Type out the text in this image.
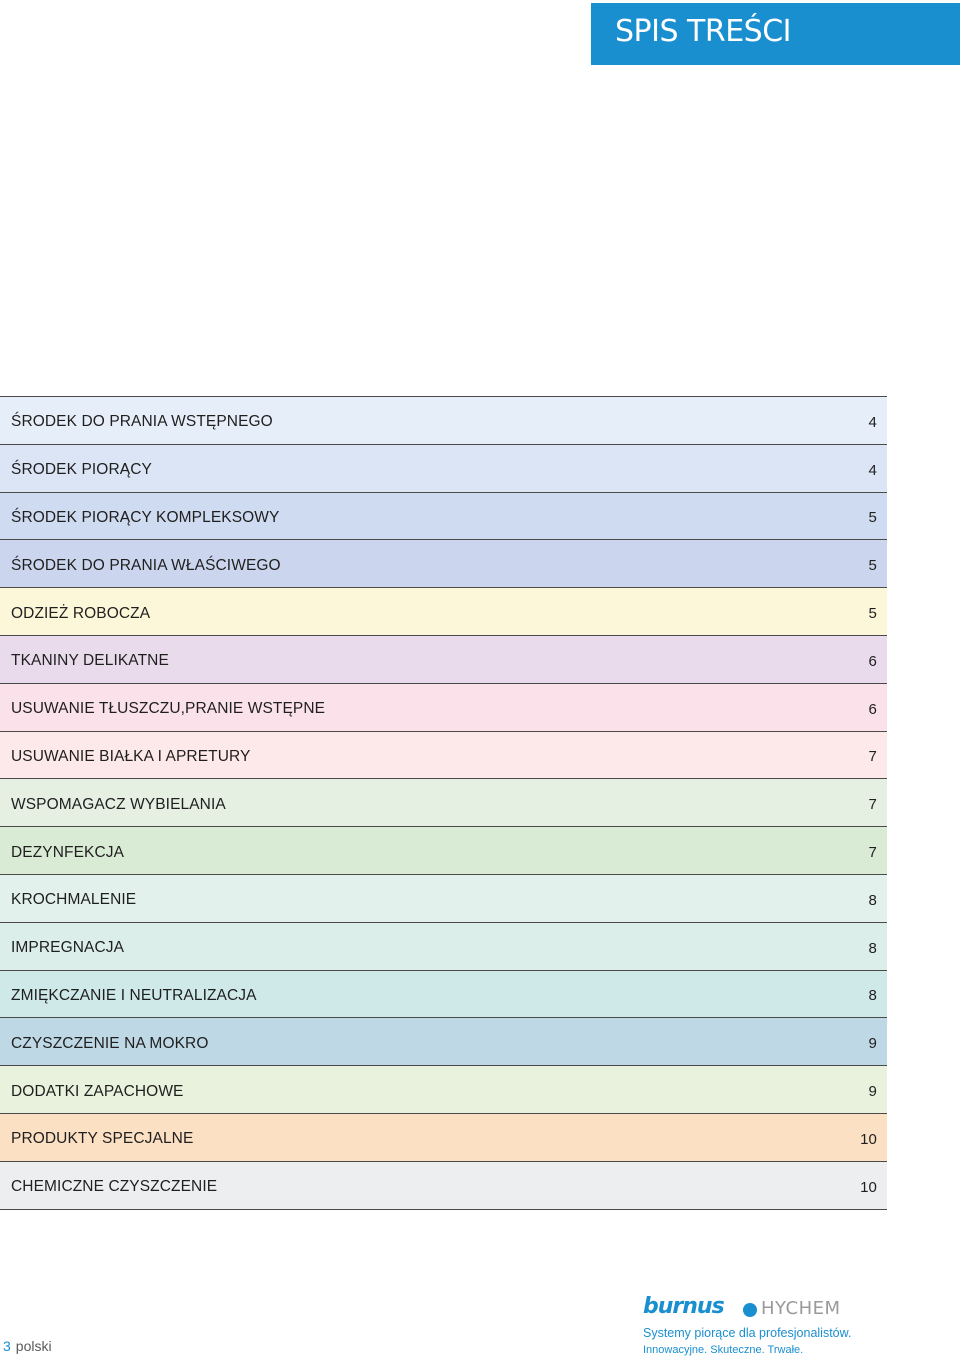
SPIS TREŚCI
ŚRODEK DO PRANIA WSTĘPNEGO	4
ŚRODEK PIORĄCY	4
ŚRODEK PIORĄCY KOMPLEKSOWY	5
ŚRODEK DO PRANIA WŁAŚCIWEGO	5
ODZIEŻ ROBOCZA	5
TKANINY DELIKATNE	6
USUWANIE TŁUSZCZU,PRANIE WSTĘPNE	6
USUWANIE BIAŁKA I APRETURY	7
WSPOMAGACZ WYBIELANIA	7
DEZYNFEKCJA	7
KROCHMALENIE	8
IMPREGNACJA	8
ZMIĘKCZANIE I NEUTRALIZACJA	8
CZYSZCZENIE NA MOKRO	9
DODATKI ZAPACHOWE	9
PRODUKTY SPECJALNE	10
CHEMICZNE CZYSZCZENIE	10
3 polski
burnus HYCHEM
Systemy piorące dla profesjonalistów.
Innowacyjne. Skuteczne. Trwałe.
